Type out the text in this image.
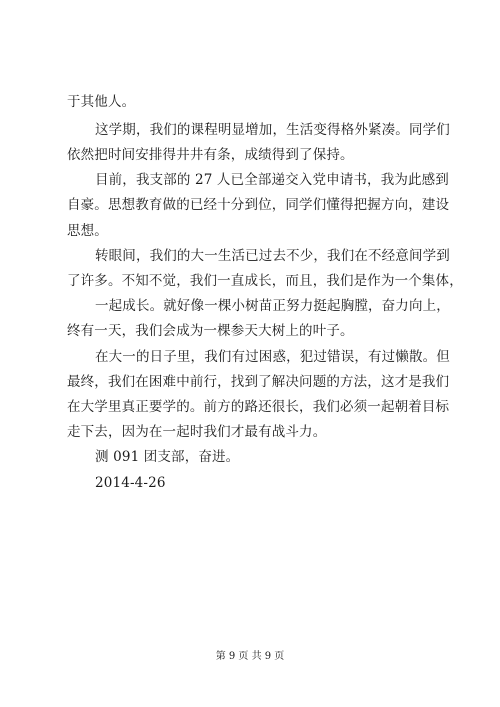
于其他人。
这学期，我们的课程明显增加，生活变得格外紧凑。同学们
依然把时间安排得井井有条，成绩得到了保持。
目前，我支部的 27 人已全部递交入党申请书，我为此感到
自豪。思想教育做的已经十分到位，同学们懂得把握方向，建设
思想。
转眼间，我们的大一生活已过去不少，我们在不经意间学到
了许多。不知不觉，我们一直成长，而且，我们是作为一个集体，
一起成长。就好像一棵小树苗正努力挺起胸膛，奋力向上，
终有一天，我们会成为一棵参天大树上的叶子。
在大一的日子里，我们有过困惑，犯过错误，有过懒散。但
最终，我们在困难中前行，找到了解决问题的方法，这才是我们
在大学里真正要学的。前方的路还很长，我们必须一起朝着目标
走下去，因为在一起时我们才最有战斗力。
测 091 团支部，奋进。
2014-4-26
第 9 页 共 9 页
